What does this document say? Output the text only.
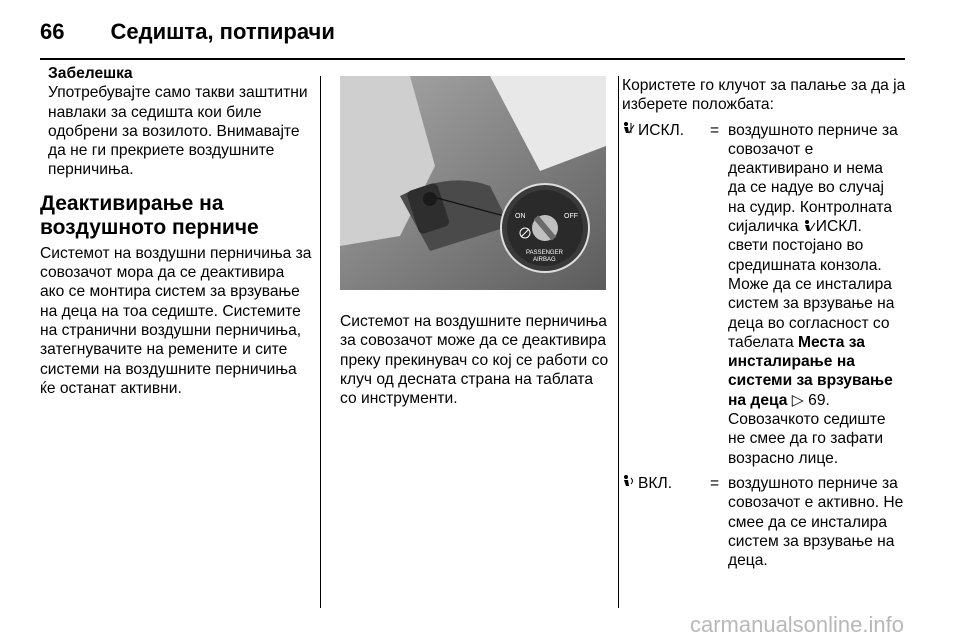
66 Седишта, потпирачи
Забелешка

Употребувајте само такви заштитни навлаки за седишта кои биле одобрени за возилото. Внимавајте да не ги прекриете воздушните перничиња.

Деактивирање на воздушното перниче

Системот на воздушни перничиња за совозачот мора да се деактивира ако се монтира систем за врзување на деца на тоа седиште. Системите на странични воздушни перничиња, затегнувачите на ремените и сите системи на воздушните перничиња ќе останат активни.

ON	OFF
PASSENGER
AIRBAG

Системот на воздушните перничиња за совозачот може да се деактивира преку прекинувач со кој се работи со клуч од десната страна на таблата со инструменти.

Користете го клучот за палање за да ја изберете положбата:

ИСКЛ. = воздушното перниче за совозачот е деактивирано и нема да се надуе во случај на судир. Контролната сијаличка ИСКЛ. свети постојано во средишната конзола. Може да се инсталира систем за врзување на деца во согласност со табелата Места за инсталирање на системи за врзување на деца ▷ 69.
Совозачкото седиште не смее да го зафати возрасно лице.
ВКЛ. = воздушното перниче за совозачот е активно. Не смее да се инсталира систем за врзување на деца.
carmanualsonline.info
